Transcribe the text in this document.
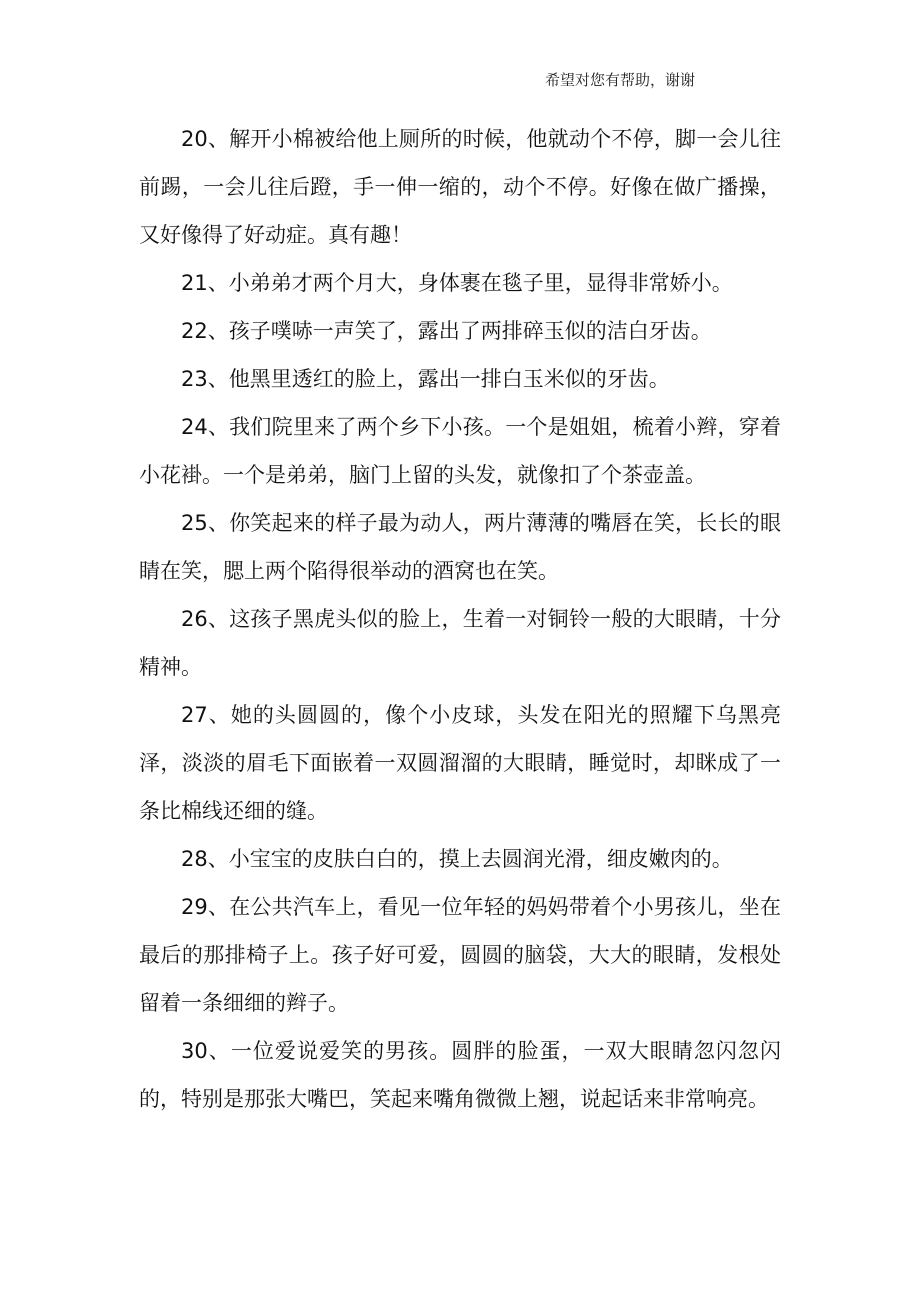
希望对您有帮助，谢谢

20、解开小棉被给他上厕所的时候，他就动个不停，脚一会儿往前踢，一会儿往后蹬，手一伸一缩的，动个不停。好像在做广播操，又好像得了好动症。真有趣！

21、小弟弟才两个月大，身体裹在毯子里，显得非常娇小。

22、孩子噗哧一声笑了，露出了两排碎玉似的洁白牙齿。

23、他黑里透红的脸上，露出一排白玉米似的牙齿。

24、我们院里来了两个乡下小孩。一个是姐姐，梳着小辫，穿着小花褂。一个是弟弟，脑门上留的头发，就像扣了个茶壶盖。

25、你笑起来的样子最为动人，两片薄薄的嘴唇在笑，长长的眼睛在笑，腮上两个陷得很举动的酒窝也在笑。

26、这孩子黑虎头似的脸上，生着一对铜铃一般的大眼睛，十分精神。

27、她的头圆圆的，像个小皮球，头发在阳光的照耀下乌黑亮泽，淡淡的眉毛下面嵌着一双圆溜溜的大眼睛，睡觉时，却眯成了一条比棉线还细的缝。

28、小宝宝的皮肤白白的，摸上去圆润光滑，细皮嫩肉的。

29、在公共汽车上，看见一位年轻的妈妈带着个小男孩儿，坐在最后的那排椅子上。孩子好可爱，圆圆的脑袋，大大的眼睛，发根处留着一条细细的辫子。

30、一位爱说爱笑的男孩。圆胖的脸蛋，一双大眼睛忽闪忽闪的，特别是那张大嘴巴，笑起来嘴角微微上翘，说起话来非常响亮。
